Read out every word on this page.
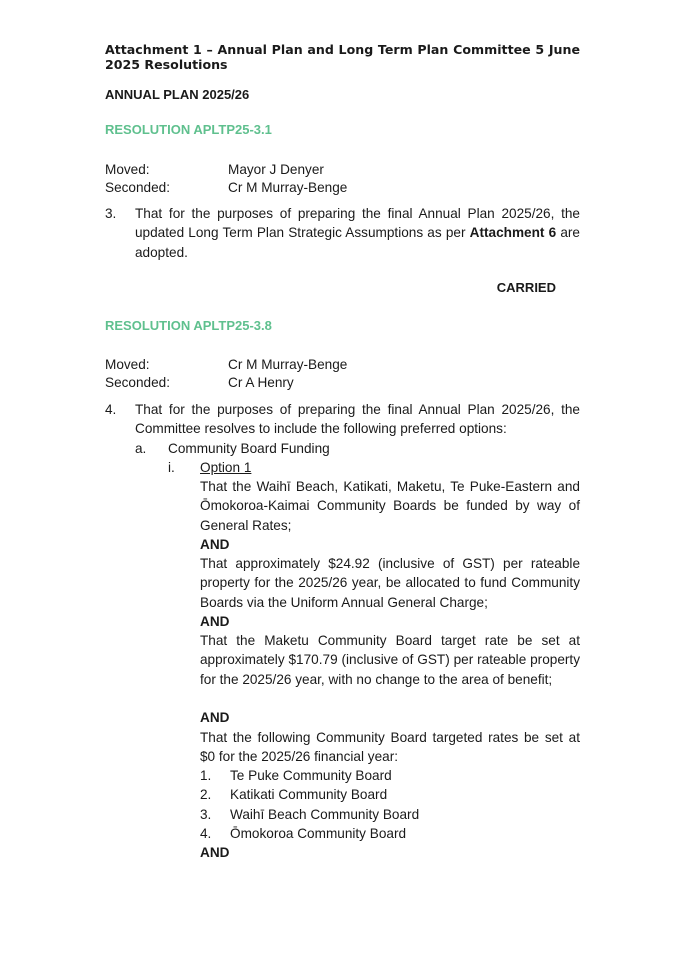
Attachment 1 – Annual Plan and Long Term Plan Committee 5 June 2025 Resolutions
ANNUAL PLAN 2025/26
RESOLUTION APLTP25-3.1
Moved:	Mayor J Denyer
Seconded:	Cr M Murray-Benge
3. That for the purposes of preparing the final Annual Plan 2025/26, the updated Long Term Plan Strategic Assumptions as per Attachment 6 are adopted.
CARRIED
RESOLUTION APLTP25-3.8
Moved:	Cr M Murray-Benge
Seconded:	Cr A Henry
4. That for the purposes of preparing the final Annual Plan 2025/26, the Committee resolves to include the following preferred options:
a. Community Board Funding
i. Option 1
That the Waihī Beach, Katikati, Maketu, Te Puke-Eastern and Ōmokoroa-Kaimai Community Boards be funded by way of General Rates;
AND
That approximately $24.92 (inclusive of GST) per rateable property for the 2025/26 year, be allocated to fund Community Boards via the Uniform Annual General Charge;
AND
That the Maketu Community Board target rate be set at approximately $170.79 (inclusive of GST) per rateable property for the 2025/26 year, with no change to the area of benefit;
AND
That the following Community Board targeted rates be set at $0 for the 2025/26 financial year:
1. Te Puke Community Board
2. Katikati Community Board
3. Waihī Beach Community Board
4. Ōmokoroa Community Board
AND
